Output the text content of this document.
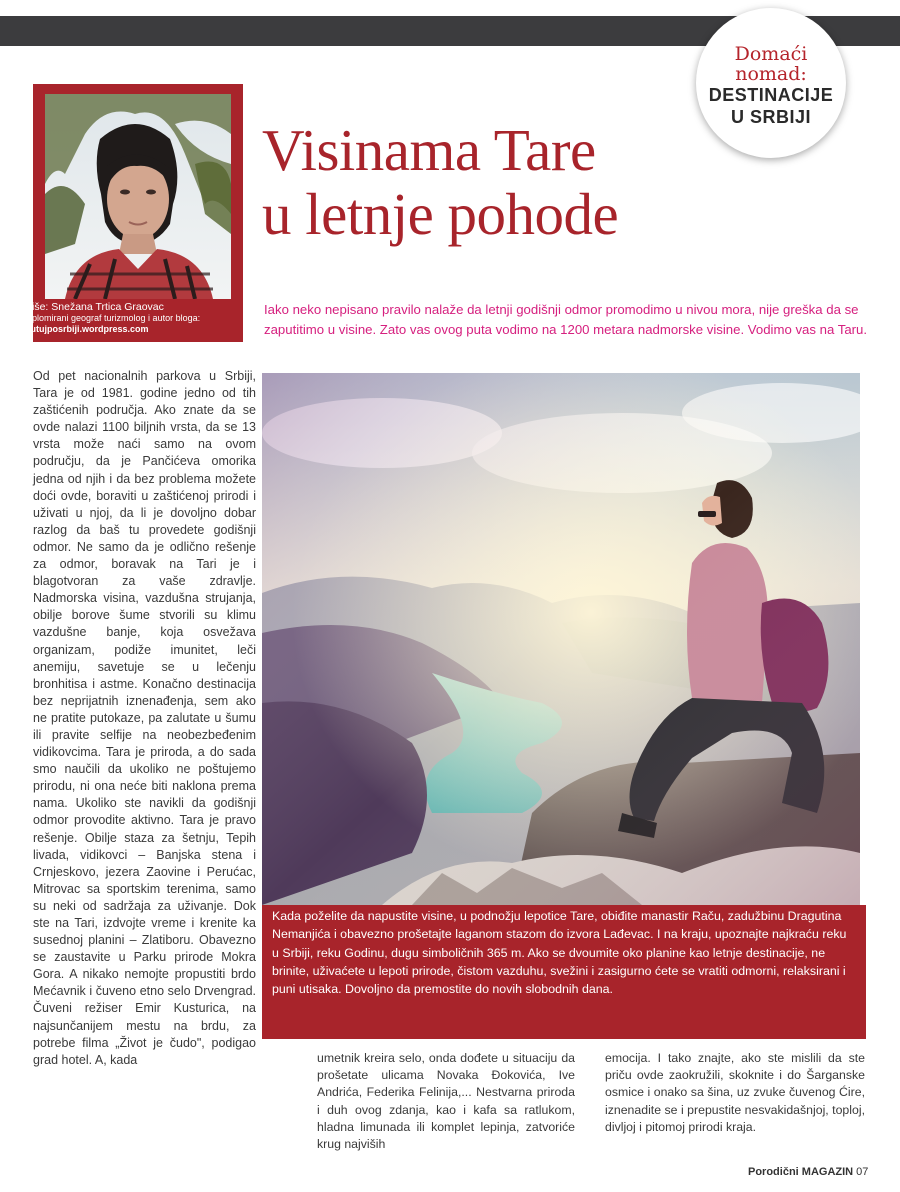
Domaći
nomad:
DESTINACIJE
U SRBIJI
Piše: Snežana Trtica Graovac
diplomirani geograf turizmolog i autor bloga:
putujposrbiji.wordpress.com
Visinama Tare
u letnje pohode
Iako neko nepisano pravilo nalaže da letnji godišnji odmor promodimo u nivou mora, nije greška da se zaputitimo u visine. Zato vas ovog puta vodimo na 1200 metara nadmorske visine. Vodimo vas na Taru.
Od pet nacionalnih parkova u Srbiji, Tara je od 1981. godine jedno od tih zaštićenih područja. Ako znate da se ovde nalazi 1100 biljnih vrsta, da se 13 vrsta može naći samo na ovom području, da je Pančićeva omorika jedna od njih i da bez problema možete doći ovde, boraviti u zaštićenoj prirodi i uživati u njoj, da li je dovoljno dobar razlog da baš tu provedete godišnji odmor. Ne samo da je odlično rešenje za odmor, boravak na Tari je i blagotvoran za vaše zdravlje. Nadmorska visina, vazdušna strujanja, obilje borove šume stvorili su klimu vazdušne banje, koja osvežava organizam, podiže imunitet, leči anemiju, savetuje se u lečenju bronhitisa i astme. Konačno destinacija bez neprijatnih iznenađenja, sem ako ne pratite putokaze, pa zalutate u šumu ili pravite selfije na neobezbeđenim vidikovcima. Tara je priroda, a do sada smo naučili da ukoliko ne poštujemo prirodu, ni ona neće biti naklona prema nama. Ukoliko ste navikli da godišnji odmor provodite aktivno. Tara je pravo rešenje. Obilje staza za šetnju, Tepih livada, vidikovci – Banjska stena i Crnjeskovo, jezera Zaovine i Perućac, Mitrovac sa sportskim terenima, samo su neki od sadržaja za uživanje. Dok ste na Tari, izdvojte vreme i krenite ka susednoj planini – Zlatiboru. Obavezno se zaustavite u Parku prirode Mokra Gora. A nikako nemojte propustiti brdo Mećavnik i čuveno etno selo Drvengrad. Čuveni režiser Emir Kusturica, na najsunčanijem mestu na brdu, za potrebe filma „Život je čudo", podigao grad hotel. A, kada
Kada poželite da napustite visine, u podnožju lepotice Tare, obiđite manastir Raču, zadužbinu Dragutina Nemanjića i obavezno prošetajte laganom stazom do izvora Lađevac. I na kraju, upoznajte najkraću reku u Srbiji, reku Godinu, dugu simboličnih 365 m. Ako se dvoumite oko planine kao letnje destinacije, ne brinite, uživaćete u lepoti prirode, čistom vazduhu, svežini i zasigurno ćete se vratiti odmorni, relaksirani i puni utisaka. Dovoljno da premostite do novih slobodnih dana.
umetnik kreira selo, onda dođete u situaciju da prošetate ulicama Novaka Đokovića, Ive Andrića, Federika Felinija,... Nestvarna priroda i duh ovog zdanja, kao i kafa sa ratlukom, hladna limunada ili komplet lepinja, zatvoriće krug najviših
emocija. I tako znajte, ako ste mislili da ste priču ovde zaokružili, skoknite i do Šarganske osmice i onako sa šina, uz zvuke čuvenog Ćire, iznenadite se i prepustite nesvakidašnjoj, toploj, divljoj i pitomoj prirodi kraja.
Porodični MAGAZIN 07
